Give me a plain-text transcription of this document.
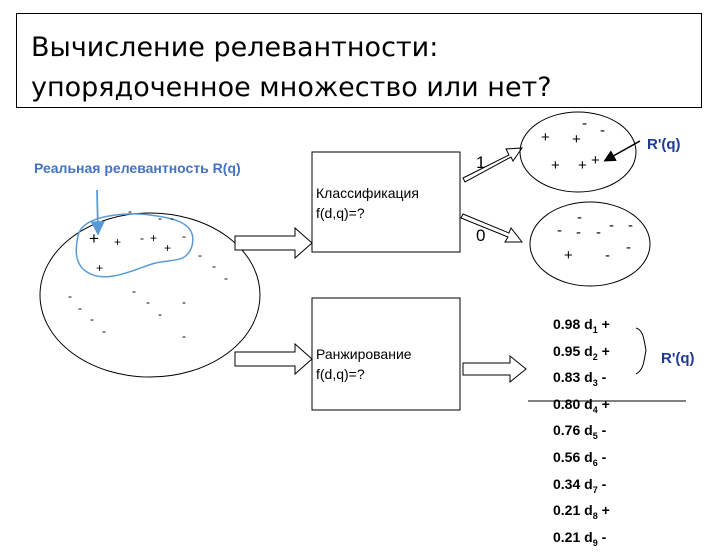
Вычисление релевантности:
упорядоченное множество или нет?
+ +
-
- +
- -
+
-
-
-
-
+
-
-
-
-
-
-
-
-
-
+ +
- -
+ + +
-
-
- - - -
-
+ -
Реальная релевантность R(q)
Классификация
f(d,q)=?
Ранжирование
f(d,q)=?
1
0
R'(q)
R'(q)
0.98 $d_1$ +
0.95 $d_2$ +
0.83 $d_3$ -
0.80 $d_4$ +
0.76 $d_5$ -
0.56 $d_6$ -
0.34 $d_7$ -
0.21 $d_8$ +
0.21 $d_9$ -
